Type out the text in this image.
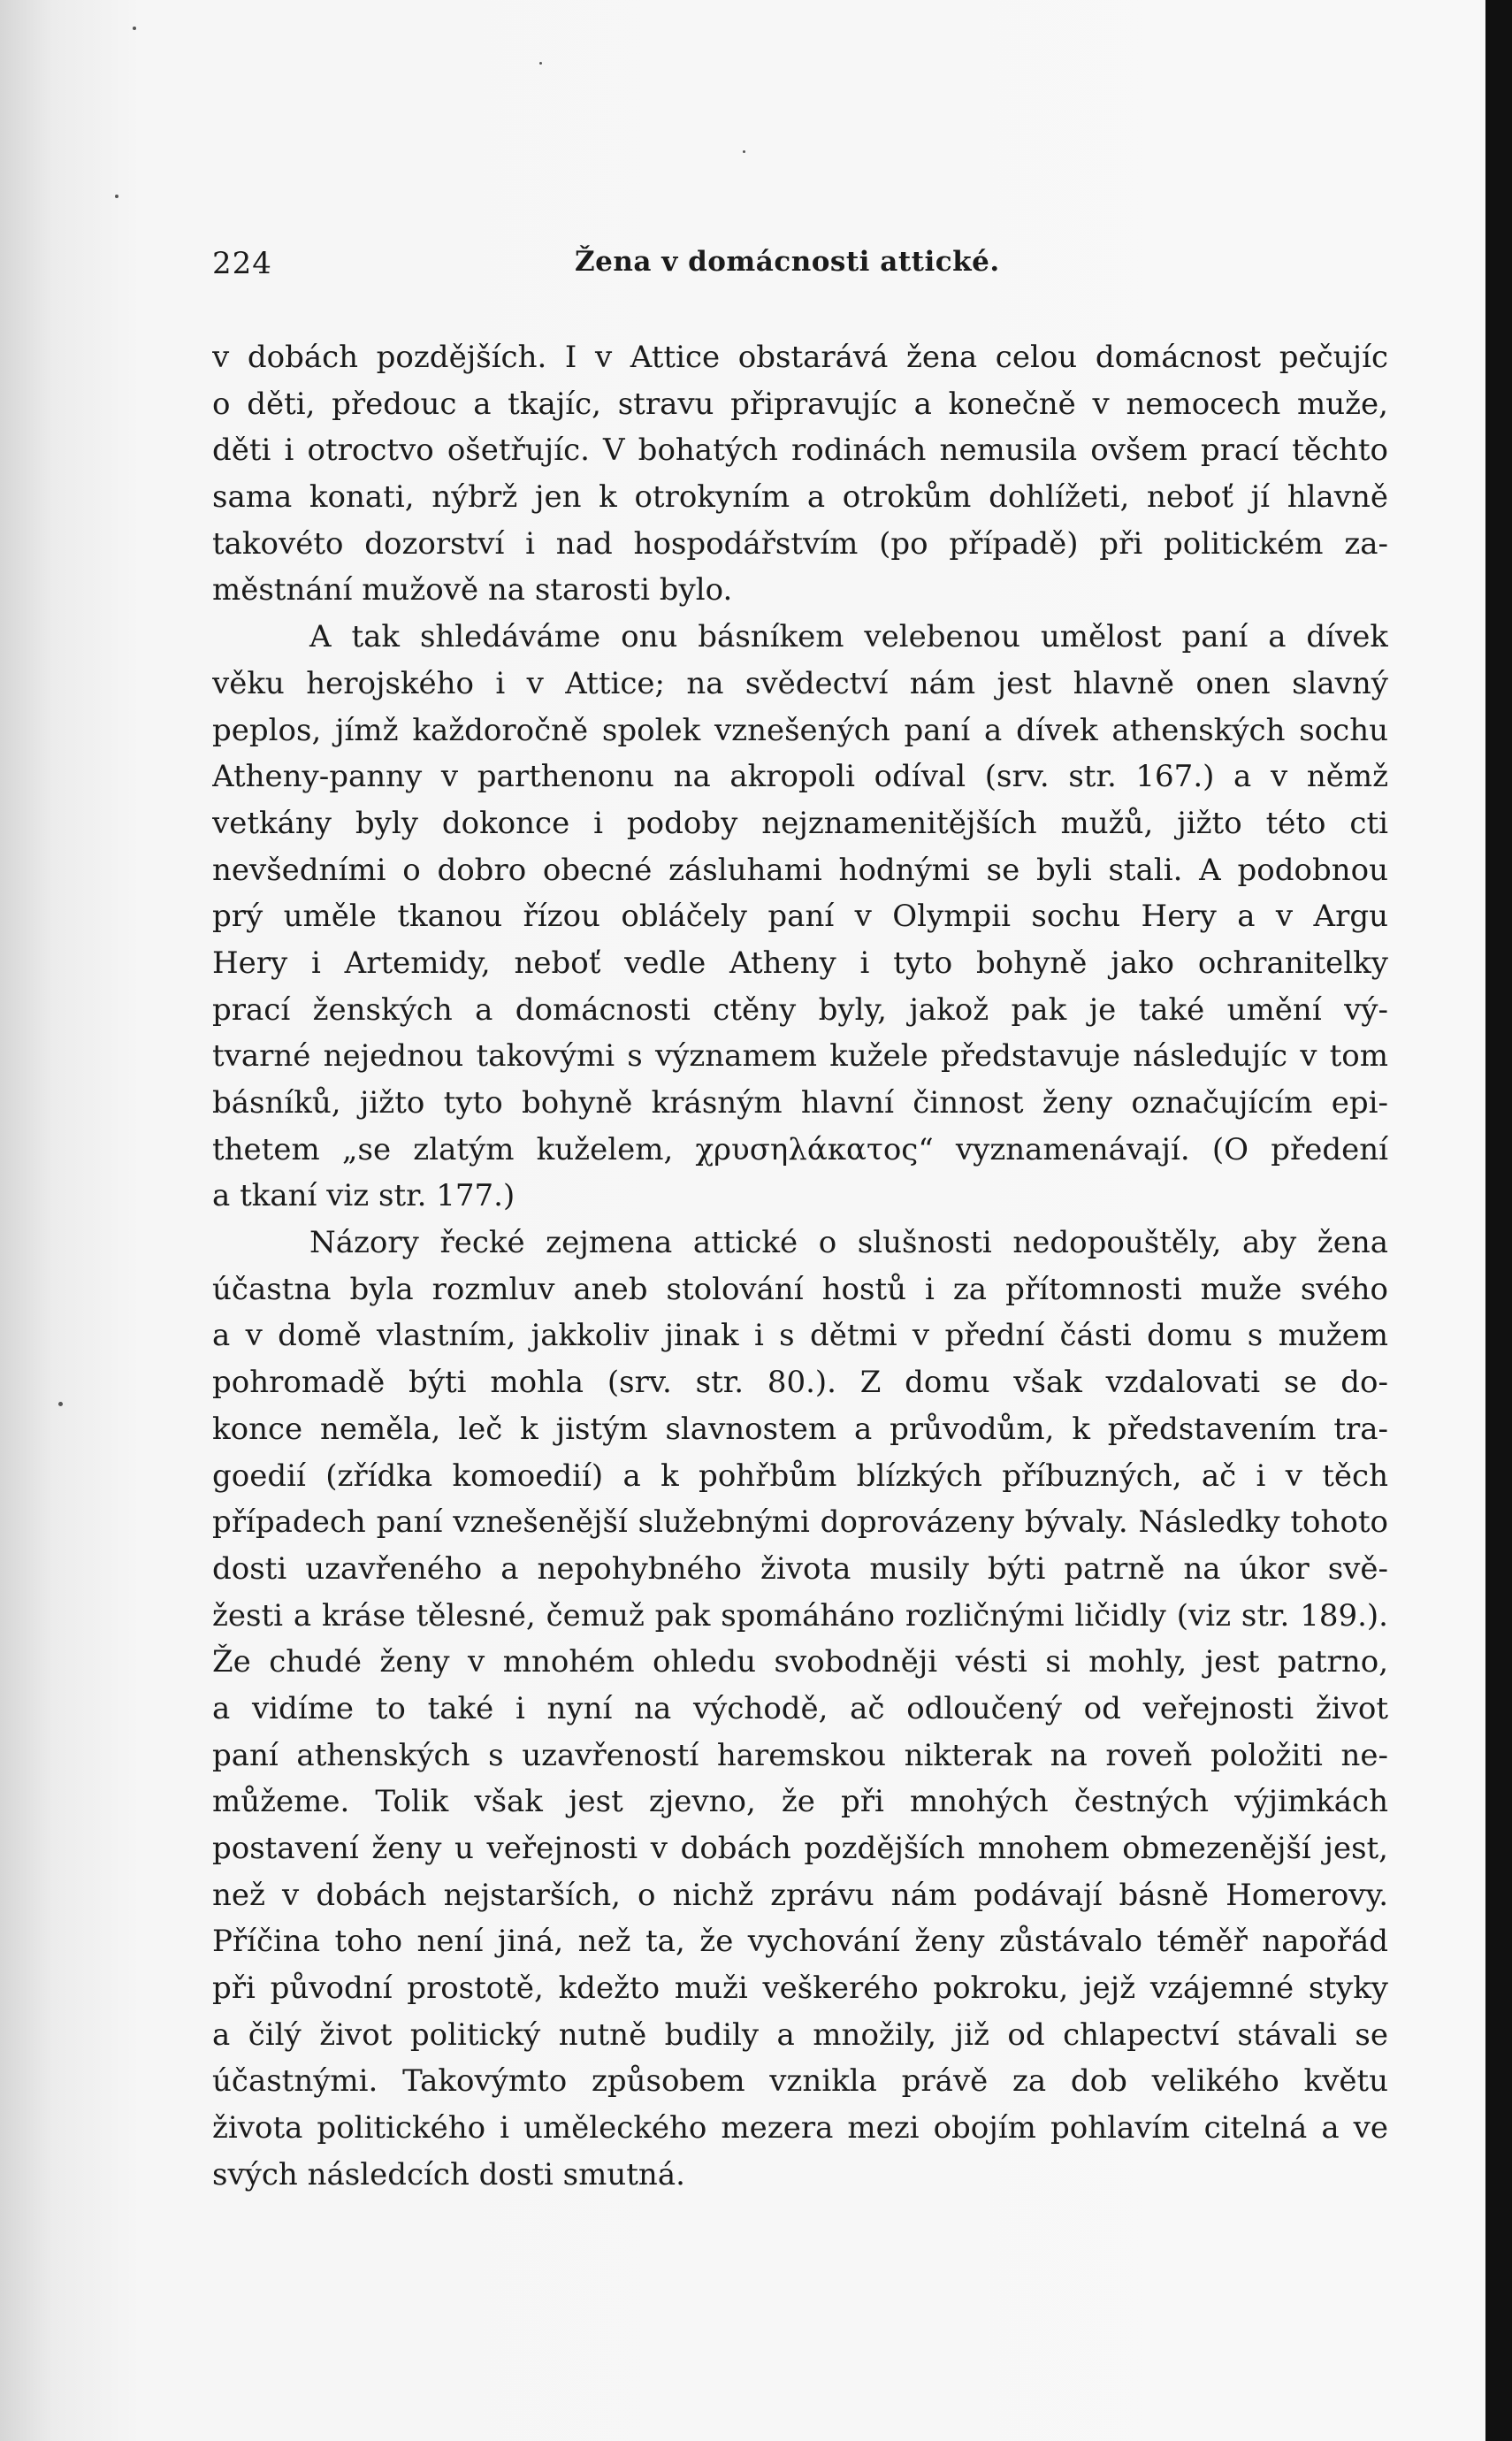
224	Žena v domácnosti attické.
v dobách pozdějších. I v Attice obstarává žena celou domácnost pečujíc
o děti, předouc a tkajíc, stravu připravujíc a konečně v nemocech muže,
děti i otroctvo ošetřujíc. V bohatých rodinách nemusila ovšem prací těchto
sama konati, nýbrž jen k otrokyním a otrokům dohlížeti, neboť jí hlavně
takovéto dozorství i nad hospodářstvím (po případě) při politickém za-
městnání mužově na starosti bylo.
A tak shledáváme onu básníkem velebenou umělost paní a dívek
věku herojského i v Attice; na svědectví nám jest hlavně onen slavný
peplos, jímž každoročně spolek vznešených paní a dívek athenských sochu
Atheny-panny v parthenonu na akropoli odíval (srv. str. 167.) a v němž
vetkány byly dokonce i podoby nejznamenitějších mužů, jižto této cti
nevšedními o dobro obecné zásluhami hodnými se byli stali. A podobnou
prý uměle tkanou řízou obláčely paní v Olympii sochu Hery a v Argu
Hery i Artemidy, neboť vedle Atheny i tyto bohyně jako ochranitelky
prací ženských a domácnosti ctěny byly, jakož pak je také umění vý-
tvarné nejednou takovými s významem kužele představuje následujíc v tom
básníků, jižto tyto bohyně krásným hlavní činnost ženy označujícím epi-
thetem „se zlatým kuželem, χρυσηλάκατος“ vyznamenávají. (O předení
a tkaní viz str. 177.)
Názory řecké zejmena attické o slušnosti nedopouštěly, aby žena
účastna byla rozmluv aneb stolování hostů i za přítomnosti muže svého
a v domě vlastním, jakkoliv jinak i s dětmi v přední části domu s mužem
pohromadě býti mohla (srv. str. 80.). Z domu však vzdalovati se do-
konce neměla, leč k jistým slavnostem a průvodům, k představením tra-
goedií (zřídka komoedií) a k pohřbům blízkých příbuzných, ač i v těch
případech paní vznešenější služebnými doprovázeny bývaly. Následky tohoto
dosti uzavřeného a nepohybného života musily býti patrně na úkor svě-
žesti a kráse tělesné, čemuž pak spomáháno rozličnými ličidly (viz str. 189.).
Že chudé ženy v mnohém ohledu svobodněji vésti si mohly, jest patrno,
a vidíme to také i nyní na východě, ač odloučený od veřejnosti život
paní athenských s uzavřeností haremskou nikterak na roveň položiti ne-
můžeme. Tolik však jest zjevno, že při mnohých čestných výjimkách
postavení ženy u veřejnosti v dobách pozdějších mnohem obmezenější jest,
než v dobách nejstarších, o nichž zprávu nám podávají básně Homerovy.
Příčina toho není jiná, než ta, že vychování ženy zůstávalo téměř napořád
při původní prostotě, kdežto muži veškerého pokroku, jejž vzájemné styky
a čilý život politický nutně budily a množily, již od chlapectví stávali se
účastnými. Takovýmto způsobem vznikla právě za dob velikého květu
života politického i uměleckého mezera mezi obojím pohlavím citelná a ve
svých následcích dosti smutná.
